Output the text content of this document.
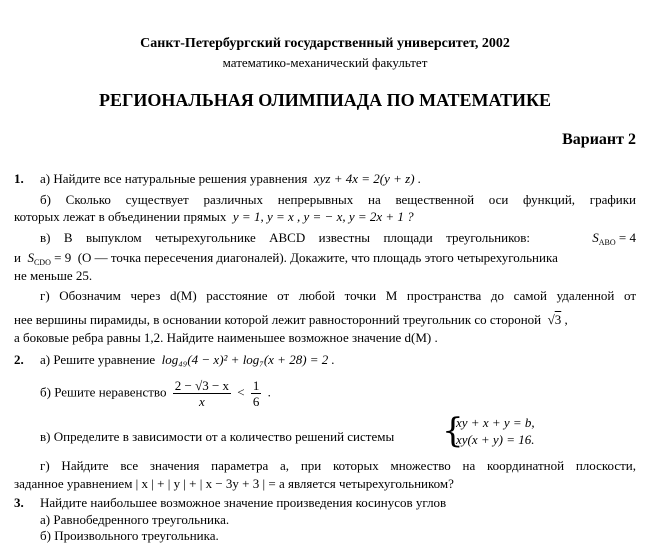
Санкт-Петербургский государственный университет, 2002
математико-механический факультет
РЕГИОНАЛЬНАЯ ОЛИМПИАДА ПО МАТЕМАТИКЕ
Вариант 2
1. а) Найдите все натуральные решения уравнения xyz + 4x = 2(y + z) .
б) Сколько существует различных непрерывных на вещественной оси функций, графики
которых лежат в объединении прямых y = 1, y = x , y = − x, y = 2x + 1 ?
в) В выпуклом четырехугольнике ABCD известны площади треугольников:	$S_{ABO} = 4$
и $S_{CDO} = 9$ (O — точка пересечения диагоналей). Докажите, что площадь этого четырехугольника
не меньше 25.
г) Обозначим через d(M) расстояние от любой точки M пространства до самой удаленной от
нее вершины пирамиды, в основании которой лежит равносторонний треугольник со стороной √3 ,
а боковые ребра равны 1,2. Найдите наименьшее возможное значение d(M) .
2. а) Решите уравнение log₄₉(4 − x)² + log₇(x + 28) = 2 .
б) Решите неравенство $\frac{2 - √3 - x}{x} < \frac{1}{6}$ .
в) Определите в зависимости от a количество решений системы {
xy + x + y = b,
xy(x + y) = 16.
г) Найдите все значения параметра a, при которых множество на координатной плоскости,
заданное уравнением | x | + | y | + | x − 3y + 3 | = a является четырехугольником?
3. Найдите наибольшее возможное значение произведения косинусов углов
а) Равнобедренного треугольника.
б) Произвольного треугольника.
